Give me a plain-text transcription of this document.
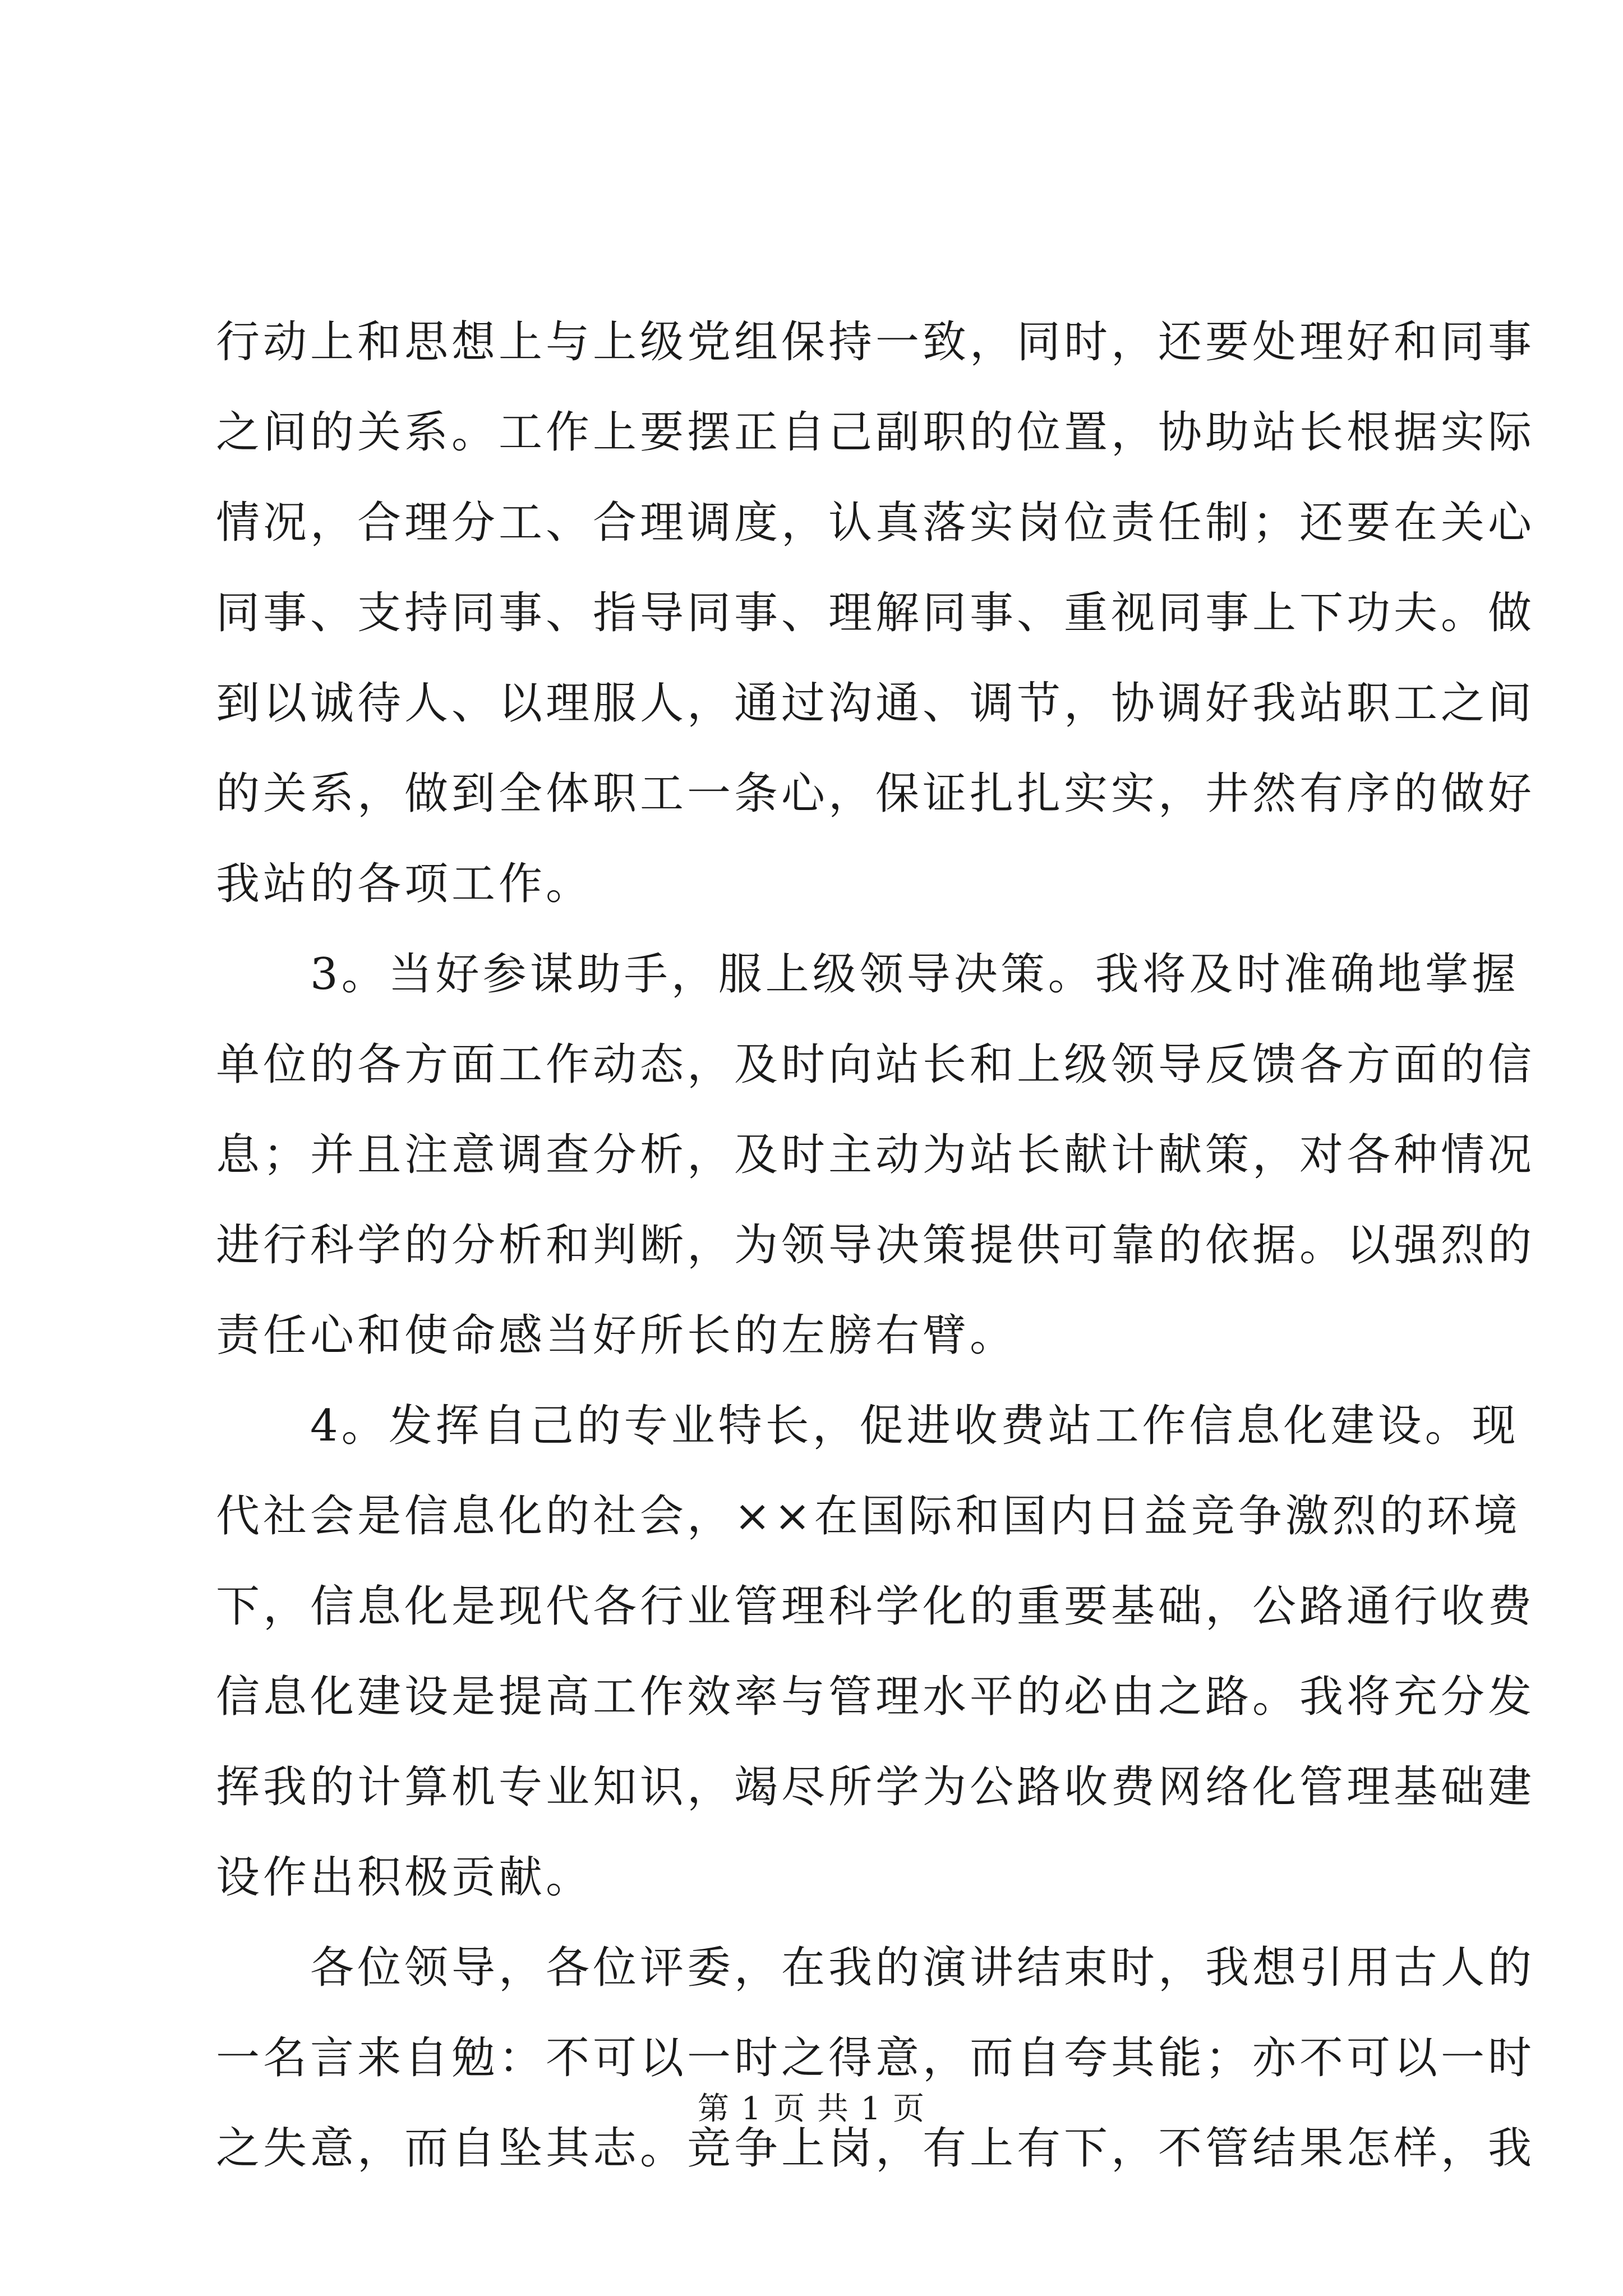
行动上和思想上与上级党组保持一致，同时，还要处理好和同事
之间的关系。工作上要摆正自己副职的位置，协助站长根据实际
情况，合理分工、合理调度，认真落实岗位责任制；还要在关心
同事、支持同事、指导同事、理解同事、重视同事上下功夫。做
到以诚待人、以理服人，通过沟通、调节，协调好我站职工之间
的关系，做到全体职工一条心，保证扎扎实实，井然有序的做好
我站的各项工作。
3。当好参谋助手，服上级领导决策。我将及时准确地掌握
单位的各方面工作动态，及时向站长和上级领导反馈各方面的信
息；并且注意调查分析，及时主动为站长献计献策，对各种情况
进行科学的分析和判断，为领导决策提供可靠的依据。以强烈的
责任心和使命感当好所长的左膀右臂。
4。发挥自己的专业特长，促进收费站工作信息化建设。现
代社会是信息化的社会，××在国际和国内日益竞争激烈的环境
下，信息化是现代各行业管理科学化的重要基础，公路通行收费
信息化建设是提高工作效率与管理水平的必由之路。我将充分发
挥我的计算机专业知识，竭尽所学为公路收费网络化管理基础建
设作出积极贡献。
各位领导，各位评委，在我的演讲结束时，我想引用古人的
一名言来自勉：不可以一时之得意，而自夸其能；亦不可以一时
之失意，而自坠其志。竞争上岗，有上有下，不管结果怎样，我
第 1 页 共 1 页
